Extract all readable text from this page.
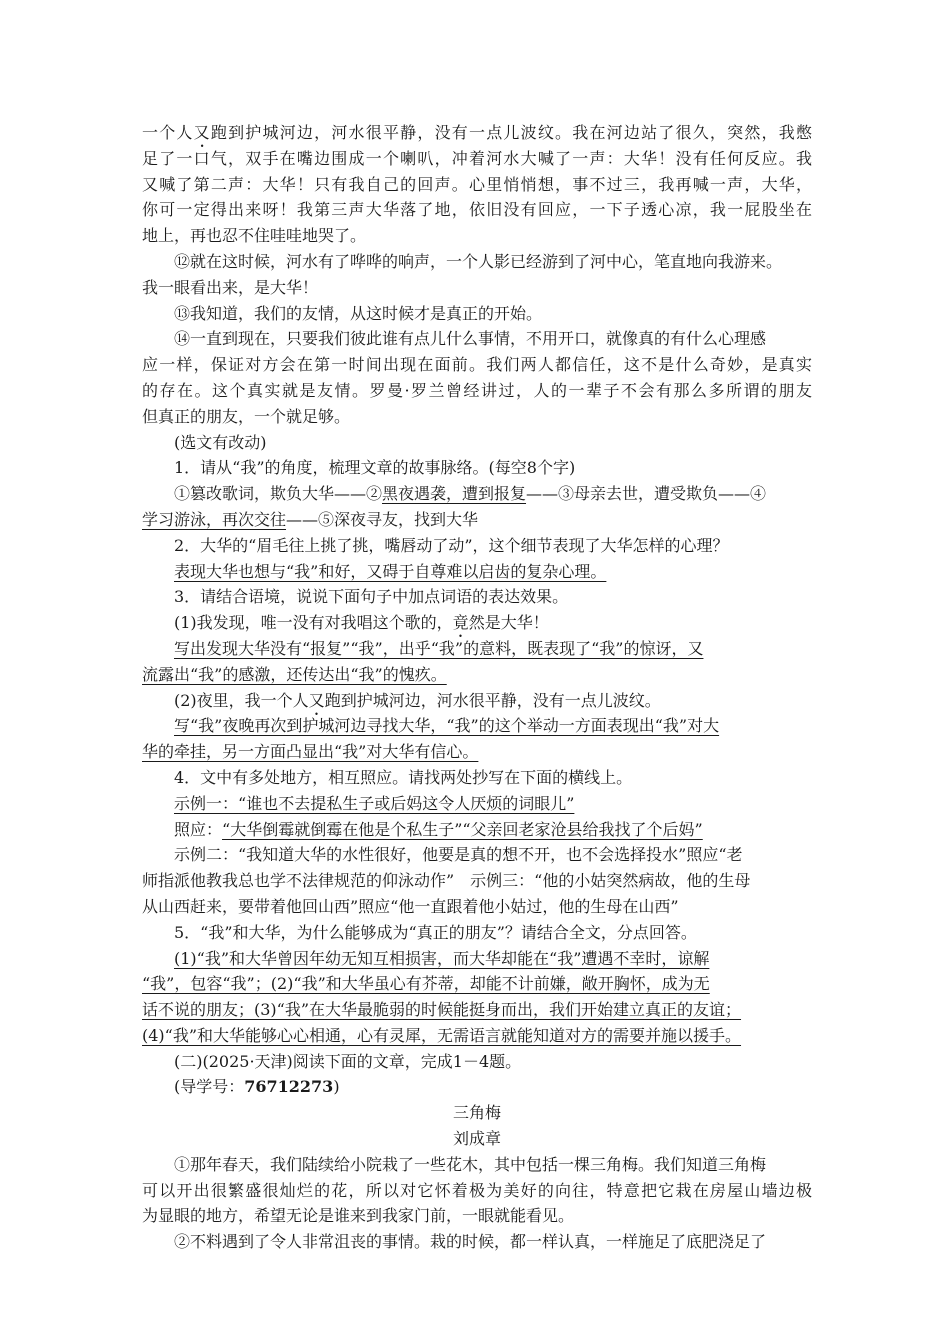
一个人又跑到护城河边，河水很平静，没有一点儿波纹。我在河边站了很久，突然，我憋
足了一口气，双手在嘴边围成一个喇叭，冲着河水大喊了一声：大华！没有任何反应。我
又喊了第二声：大华！只有我自己的回声。心里悄悄想，事不过三，我再喊一声，大华，
你可一定得出来呀！我第三声大华落了地，依旧没有回应，一下子透心凉，我一屁股坐在
地上，再也忍不住哇哇地哭了。
⑫就在这时候，河水有了哗哗的响声，一个人影已经游到了河中心，笔直地向我游来。
我一眼看出来，是大华！
⑬我知道，我们的友情，从这时候才是真正的开始。
⑭一直到现在，只要我们彼此谁有点儿什么事情，不用开口，就像真的有什么心理感
应一样，保证对方会在第一时间出现在面前。我们两人都信任，这不是什么奇妙，是真实
的存在。这个真实就是友情。罗曼·罗兰曾经讲过，人的一辈子不会有那么多所谓的朋友
但真正的朋友，一个就足够。
(选文有改动)
1．请从“我”的角度，梳理文章的故事脉络。(每空8个字)
①篡改歌词，欺负大华——②黑夜遇袭，遭到报复——③母亲去世，遭受欺负——④
学习游泳，再次交往——⑤深夜寻友，找到大华
2．大华的“眉毛往上挑了挑，嘴唇动了动”，这个细节表现了大华怎样的心理？
表现大华也想与“我”和好，又碍于自尊难以启齿的复杂心理。
3．请结合语境，说说下面句子中加点词语的表达效果。
(1)我发现，唯一没有对我唱这个歌的，竟然是大华！
写出发现大华没有“报复”“我”，出乎“我”的意料，既表现了“我”的惊讶，又
流露出“我”的感激，还传达出“我”的愧疚。
(2)夜里，我一个人又跑到护城河边，河水很平静，没有一点儿波纹。
写“我”夜晚再次到护城河边寻找大华，“我”的这个举动一方面表现出“我”对大
华的牵挂，另一方面凸显出“我”对大华有信心。
4．文中有多处地方，相互照应。请找两处抄写在下面的横线上。
示例一：“谁也不去提私生子或后妈这令人厌烦的词眼儿”
照应：“大华倒霉就倒霉在他是个私生子”“父亲回老家沧县给我找了个后妈”
示例二：“我知道大华的水性很好，他要是真的想不开，也不会选择投水”照应“老
师指派他教我总也学不法律规范的仰泳动作”　示例三：“他的小姑突然病故，他的生母
从山西赶来，要带着他回山西”照应“他一直跟着他小姑过，他的生母在山西”
5．“我”和大华，为什么能够成为“真正的朋友”？请结合全文，分点回答。
(1)“我”和大华曾因年幼无知互相损害，而大华却能在“我”遭遇不幸时，谅解
“我”，包容“我”；(2)“我”和大华虽心有芥蒂，却能不计前嫌，敞开胸怀，成为无
话不说的朋友；(3)“我”在大华最脆弱的时候能挺身而出，我们开始建立真正的友谊；
(4)“我”和大华能够心心相通，心有灵犀，无需语言就能知道对方的需要并施以援手。
(二)(2025·天津)阅读下面的文章，完成1－4题。
(导学号：76712273)
三角梅
刘成章
①那年春天，我们陆续给小院栽了一些花木，其中包括一棵三角梅。我们知道三角梅
可以开出很繁盛很灿烂的花，所以对它怀着极为美好的向往，特意把它栽在房屋山墙边极
为显眼的地方，希望无论是谁来到我家门前，一眼就能看见。
②不料遇到了令人非常沮丧的事情。栽的时候，都一样认真，一样施足了底肥浇足了
